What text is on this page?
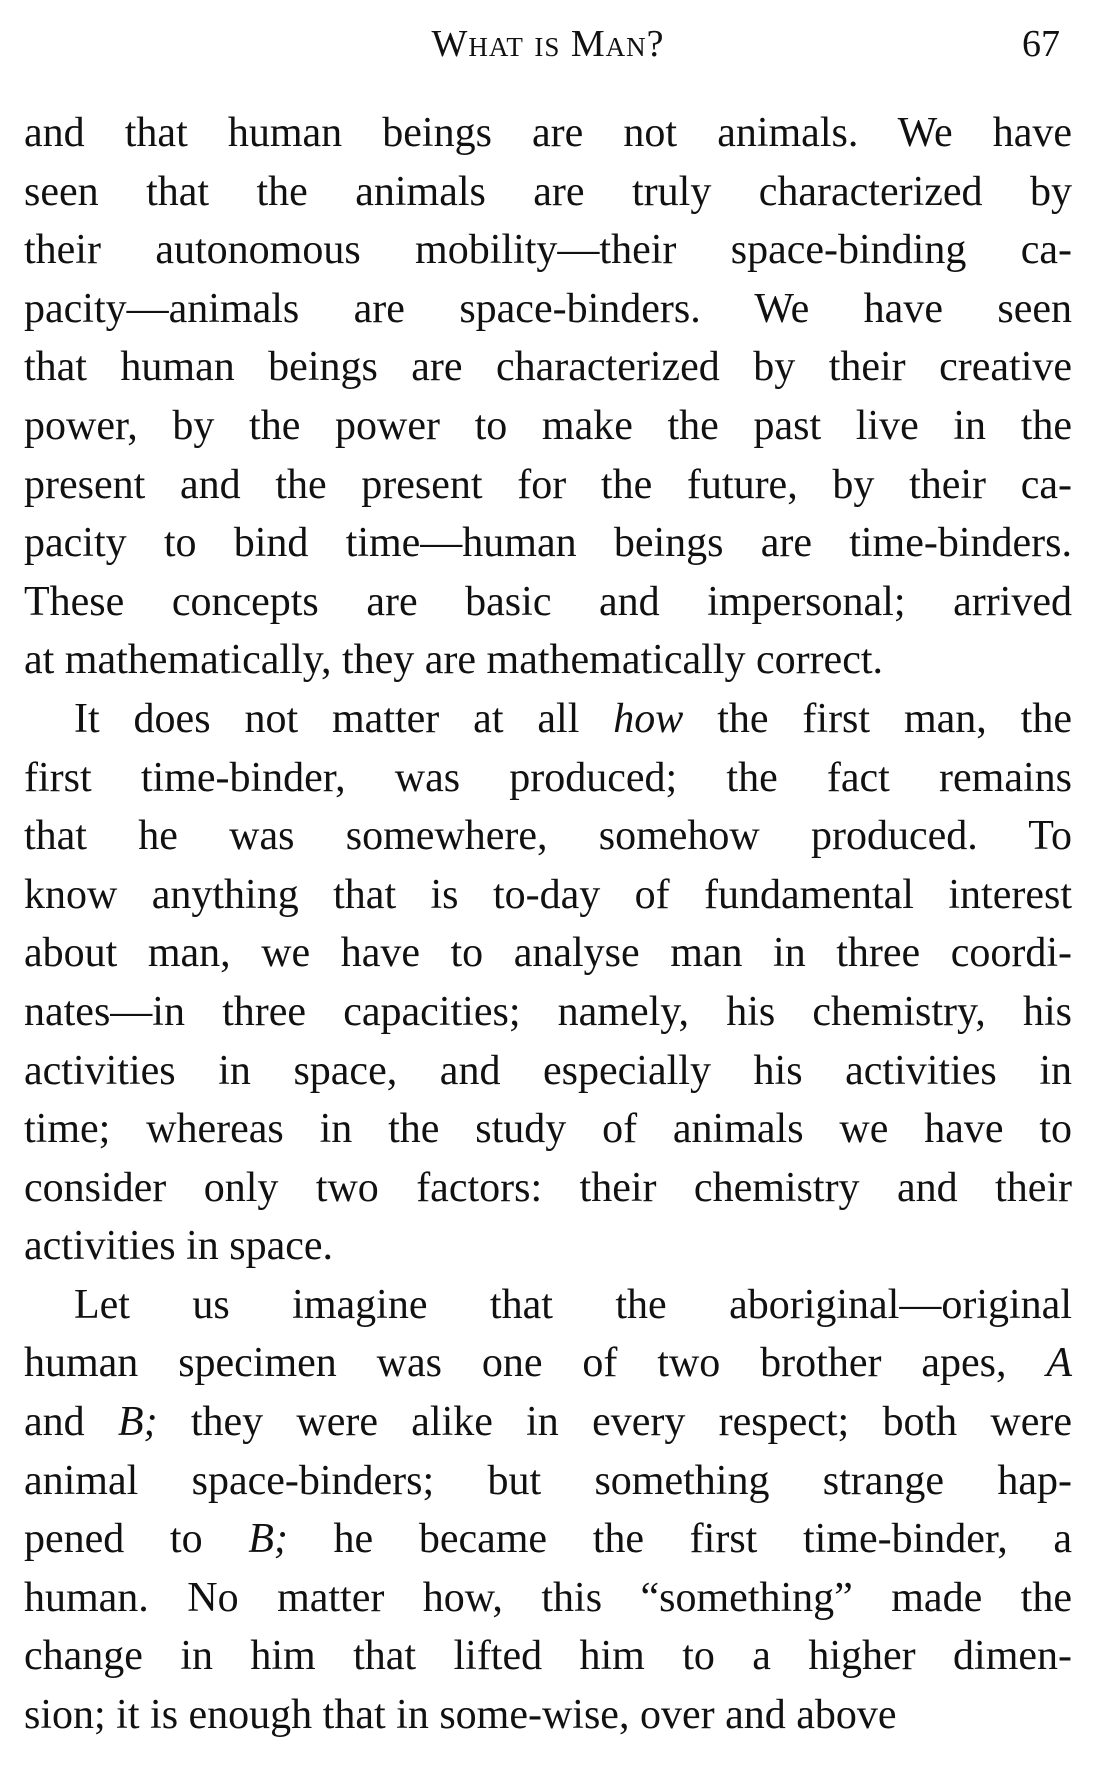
What is Man?	67
and that human beings are not animals. We have
seen that the animals are truly characterized by
their autonomous mobility—their space-binding ca-
pacity—animals are space-binders. We have seen
that human beings are characterized by their creative
power, by the power to make the past live in the
present and the present for the future, by their ca-
pacity to bind time—human beings are time-binders.
These concepts are basic and impersonal; arrived
at mathematically, they are mathematically correct.
It does not matter at all how the first man, the
first time-binder, was produced; the fact remains
that he was somewhere, somehow produced. To
know anything that is to-day of fundamental interest
about man, we have to analyse man in three coordi-
nates—in three capacities; namely, his chemistry, his
activities in space, and especially his activities in
time; whereas in the study of animals we have to
consider only two factors: their chemistry and their
activities in space.
Let us imagine that the aboriginal—original
human specimen was one of two brother apes, A
and B; they were alike in every respect; both were
animal space-binders; but something strange hap-
pened to B; he became the first time-binder, a
human. No matter how, this “something” made the
change in him that lifted him to a higher dimen-
sion; it is enough that in some-wise, over and above
